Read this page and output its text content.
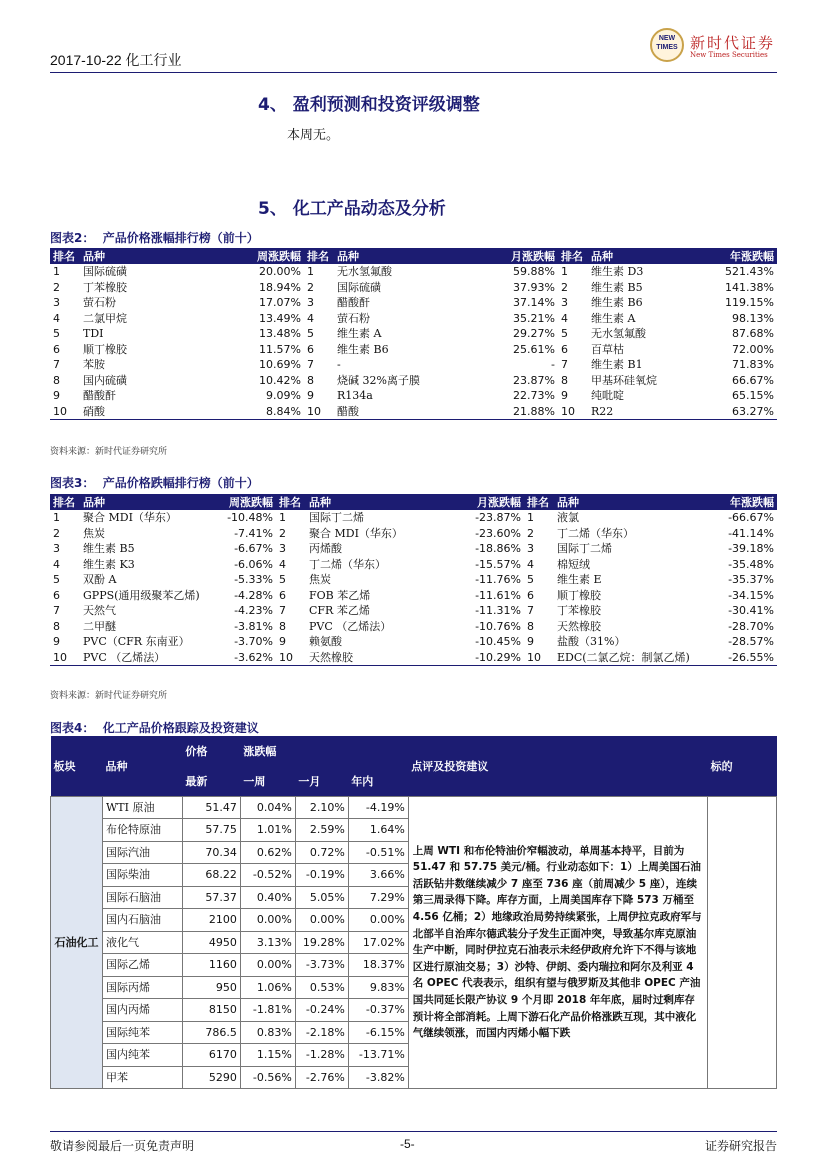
2017-10-22 化工行业
NEW TIMES 新时代证券
New Times Securities
4、 盈利预测和投资评级调整
本周无。
5、 化工产品动态及分析
图表2： 产品价格涨幅排行榜（前十）
排名	品种	周涨跌幅	排名	品种	月涨跌幅	排名	品种	年涨跌幅
1	国际硫磺	20.00%	1	无水氢氟酸	59.88%	1	维生素 D3	521.43%
2	丁苯橡胶	18.94%	2	国际硫磺	37.93%	2	维生素 B5	141.38%
3	萤石粉	17.07%	3	醋酸酐	37.14%	3	维生素 B6	119.15%
4	二氯甲烷	13.49%	4	萤石粉	35.21%	4	维生素 A	98.13%
5	TDI	13.48%	5	维生素 A	29.27%	5	无水氢氟酸	87.68%
6	顺丁橡胶	11.57%	6	维生素 B6	25.61%	6	百草枯	72.00%
7	苯胺	10.69%	7	-	-	7	维生素 B1	71.83%
8	国内硫磺	10.42%	8	烧碱 32%离子膜	23.87%	8	甲基环硅氧烷	66.67%
9	醋酸酐	9.09%	9	R134a	22.73%	9	纯吡啶	65.15%
10	硝酸	8.84%	10	醋酸	21.88%	10	R22	63.27%
资料来源：新时代证券研究所
图表3： 产品价格跌幅排行榜（前十）
排名	品种	周涨跌幅	排名	品种	月涨跌幅	排名	品种	年涨跌幅
1	聚合 MDI（华东）	-10.48%	1	国际丁二烯	-23.87%	1	液氯	-66.67%
2	焦炭	-7.41%	2	聚合 MDI（华东）	-23.60%	2	丁二烯（华东）	-41.14%
3	维生素 B5	-6.67%	3	丙烯酸	-18.86%	3	国际丁二烯	-39.18%
4	维生素 K3	-6.06%	4	丁二烯（华东）	-15.57%	4	棉短绒	-35.48%
5	双酚 A	-5.33%	5	焦炭	-11.76%	5	维生素 E	-35.37%
6	GPPS(通用级聚苯乙烯)	-4.28%	6	FOB 苯乙烯	-11.61%	6	顺丁橡胶	-34.15%
7	天然气	-4.23%	7	CFR 苯乙烯	-11.31%	7	丁苯橡胶	-30.41%
8	二甲醚	-3.81%	8	PVC （乙烯法）	-10.76%	8	天然橡胶	-28.70%
9	PVC（CFR 东南亚）	-3.70%	9	赖氨酸	-10.45%	9	盐酸（31%）	-28.57%
10	PVC （乙烯法）	-3.62%	10	天然橡胶	-10.29%	10	EDC(二氯乙烷：制氯乙烯)	-26.55%
资料来源：新时代证券研究所
图表4： 化工产品价格跟踪及投资建议
板块	品种	价格	涨跌幅			点评及投资建议	标的
		最新	一周	一月	年内		
石油化工	WTI 原油	51.47	0.04%	2.10%	-4.19%	上周 WTI 和布伦特油价窄幅波动，单周基本持平，目前为 51.47 和 57.75 美元/桶。行业动态如下：1）上周美国石油活跃钻井数继续减少 7 座至 736 座（前周减少 5 座），连续第三周录得下降。库存方面，上周美国库存下降 573 万桶至 4.56 亿桶；2）地缘政治局势持续紧张，上周伊拉克政府军与北部半自治库尔德武装分子发生正面冲突，导致基尔库克原油生产中断，同时伊拉克石油表示未经伊政府允许下不得与该地区进行原油交易；3）沙特、伊朗、委内瑞拉和阿尔及利亚 4 名 OPEC 代表表示，组织有望与俄罗斯及其他非 OPEC 产油国共同延长限产协议 9 个月即 2018 年年底，届时过剩库存预计将全部消耗。上周下游石化产品价格涨跌互现，其中液化气继续领涨，而国内丙烯小幅下跌	
	布伦特原油	57.75	1.01%	2.59%	1.64%		
	国际汽油	70.34	0.62%	0.72%	-0.51%		
	国际柴油	68.22	-0.52%	-0.19%	3.66%		
	国际石脑油	57.37	0.40%	5.05%	7.29%		
	国内石脑油	2100	0.00%	0.00%	0.00%		
	液化气	4950	3.13%	19.28%	17.02%		
	国际乙烯	1160	0.00%	-3.73%	18.37%		
	国际丙烯	950	1.06%	0.53%	9.83%		
	国内丙烯	8150	-1.81%	-0.24%	-0.37%		
	国际纯苯	786.5	0.83%	-2.18%	-6.15%		
	国内纯苯	6170	1.15%	-1.28%	-13.71%		
	甲苯	5290	-0.56%	-2.76%	-3.82%		
敬请参阅最后一页免责声明	-5-	证券研究报告
